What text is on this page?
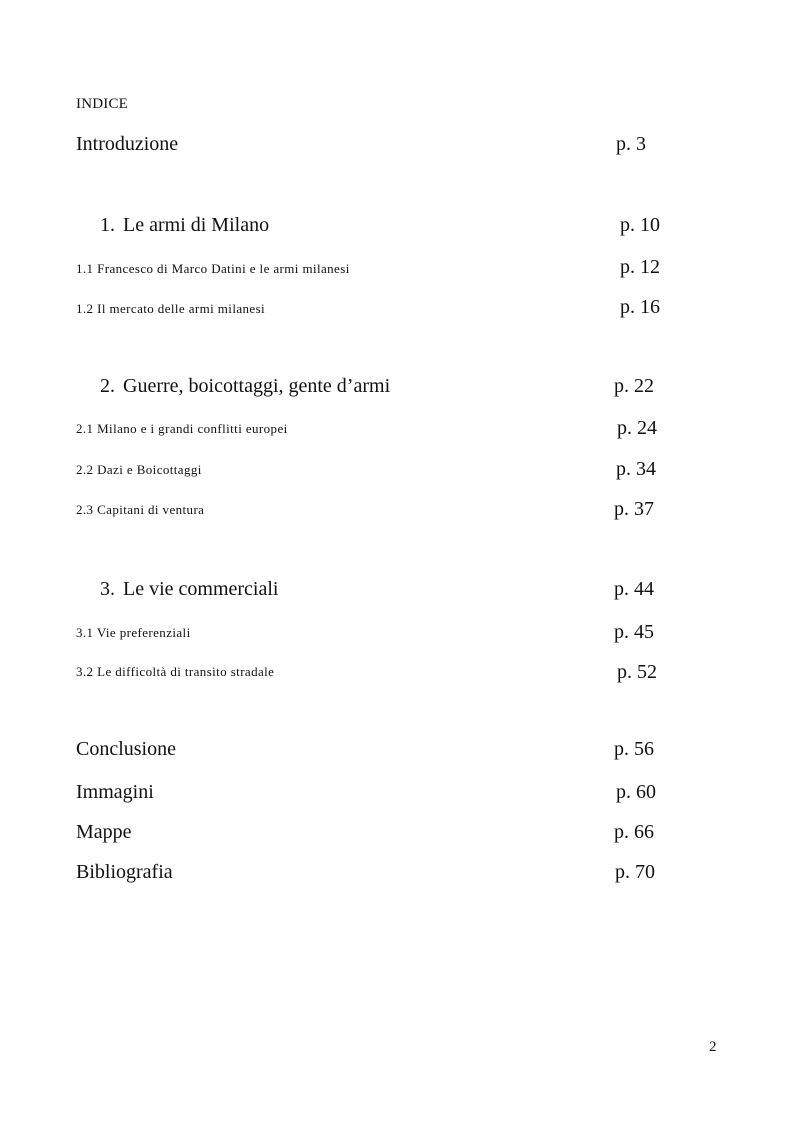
INDICE
Introduzione	p. 3
1. Le armi di Milano	p. 10
1.1 Francesco di Marco Datini e le armi milanesi	p. 12
1.2 Il mercato delle armi milanesi	p. 16
2. Guerre, boicottaggi, gente d’armi	p. 22
2.1 Milano e i grandi conflitti europei	p. 24
2.2 Dazi e Boicottaggi	p. 34
2.3 Capitani di ventura	p. 37
3. Le vie commerciali	p. 44
3.1 Vie preferenziali	p. 45
3.2 Le difficoltà di transito stradale	p. 52
Conclusione	p. 56
Immagini	p. 60
Mappe	p. 66
Bibliografia	p. 70
2
